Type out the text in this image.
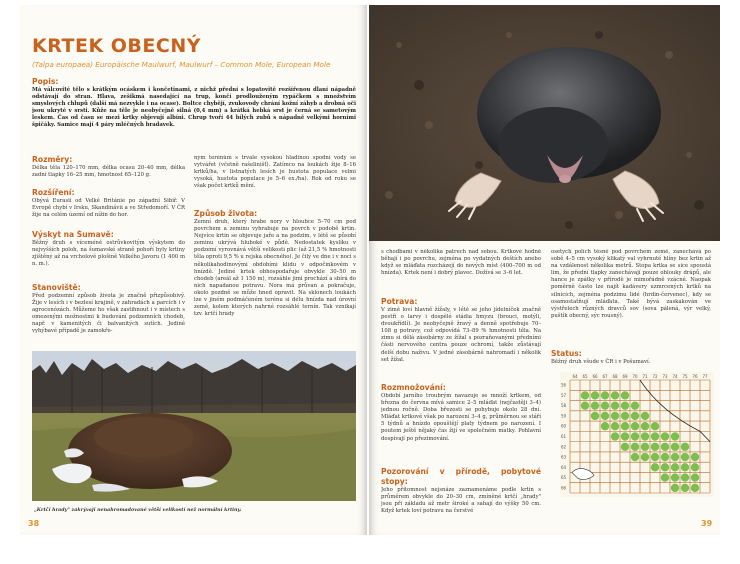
KRTEK OBECNÝ
(Talpa europaea) Europäische Maulwurf, Maulwurf – Common Mole, European Mole
Popis:
Má válcovité tělo s krátkým ocáskem i končetinami, z nichž přední s lopatovitě rozšířenou dlaní nápadně odstávají do stran. Hlava, zešikmá nasedající na trup, končí prodlouženým rypáčkem s množstvím smyslových chlupů (další má nezvykle i na ocase). Boltce chybějí, zvukovody chrání kožní záhyb a drobná oči jsou ukryté v srsti. Kůže na těle je neobyčejně silná (0,4 mm) a krátká hebká srst je černá se sametovým leskem. Čas od času se mezi krtky objevují albíni. Chrup tvoří 44 bílých zubů s nápadně velkými horními špičáky. Samice mají 4 páry mléčných bradavek.
Rozměry:
Délka těla 120–170 mm, délka ocasu 20–40 mm, délka zadní tlapky 16–25 mm, hmotnost 65–120 g.
Rozšíření:
Obývá Eurasii od Velké Británie po západní Sibiř. V Evropě chybí v Irsku, Skandinávii a ve Středomoří. V ČR žije na celém území od nížin do hor.
Výskyt na Šumavě:
Běžný druh s víceméně ostrůvkovitým výskytem do nejvyšších poloh, na šumavské straně pohoří byly krtiny zjištěny až na vrcholové plošině Velkého Javoru (1 400 m n. m.).
Stanoviště:
Před podzemní způsob života je značně přizpůsobivý. Žije v lesích i v bezlesí krajině, v zahradách a parcích i v agrocenózách. Můžeme ho však zastihnout i v místech s omezenými možnostmi k budování podzemních chodeb, např. v kamenitých či balvanitých sutích. Jediné vyhýbavé případě je zamokře-
ným terénům s trvale vysokou hladinou spodní vody se vytvářet (včetně rašelinišť). Zatímco na loukách žije 8–16 krtků/ha, v listnatých lesích je hustota populace velmi vysoká, hustota populace je 5–6 ex./ha). Rok od roku se však počet krtků mění.
Způsob života:
Zemní druh, který hrabe nory v hloubce 5–70 cm pod povrchem a zeminu vyhrabuje na povrch v podobě krtin. Nejvíce krtin se objevuje jaře a na podzim, v létě se působí zeminu ukrývá hluboké v půdě. Nedostatek kyslíku v podzemí vyrovnává větší velikosti plic (až 21,5 % hmotnosti těla oproti 9,5 % u rejska obecného). Je čilý ve dne i v noci s několikahodinovými obdobími klidu v odpočinkovém v hnízdě. Jediné krtek obhospodařuje obvykle 30–50 m chodeb (areál až 1 150 m), rozsáhle jimi prochází a sbírá do nich napadanou potravu. Nora má průvan a pokračuje, okolo pozdně se může hned opravit. Na sklonech loukách lze v jiném podmáčeném terénu si délu hnízda nad úrovní země, kolem kterých nahrné rozsáhlé ternín. Tak vznikají tzv. krtčí hrady
„Krtčí hrady" zakrývají nenahromadované větší velikostí než normální krtiny.
38
s chodbami v několika patrech nad sebou. Krtkové hodně běhají i po povrchu, zejména po vydatných deštích anebo když se mláďata rozcházejí do nových míst (400–700 m od hnízda). Krtek není i dobrý plavec. Dožívá se 3–6 let.
Potrava:
V zimě loví hlavně žížaly, v létě se jeho jídelníček značně pestří o larvy i dospělé stádia hmyzu (brouci, motýli, dvoukřídlí). Je neobyčejně žravý a denně spotřebuje 70–108 g potravy, což odpovídá 73–89 % hmotnosti těla. Na zimu si dělá zásobárny ze žížal s pozraňovanými předními části nervového centra pouze ochromí, takže zůstávají delší dobu naživu. V jedné zásobárně nahromadí i několik set žížal.
Rozmnožování:
Období jarního troubrým navazuje se množí krtkem, od března do června mívá samice 2–5 mláďat (nejčastěji 3–4) jednou ročně. Doba březosti se pohybuje okolo 28 dní. Mláďat krtkové však po narození 3–4 g, průměrnou se stáří 5 týdnů a hnízdo opouštějí platy týdnem po narození. I poutem ještě nějaký čas žijí ve společném matky. Pohlavní dospívají po přezimování.
Pozorování v přírodě, pobytové stopy:
Jeho přítomnost nejsnáze zaznamenáme podle krtin s průměrem obvykle do 20–30 cm, zmíněné krtčí „hrady" jsou při základu až metr široké a sahají do výšky 50 cm. Když krtek loví potravu na čerstvé
osetých polích těsně pod povrchem země, zanechává po sobě 4–5 cm vysoký klikatý val vyhrnuté hlíny bez krtin až na vzdálenost několika metrů. Stopa krtka se sice spoustá lim, že přední tlapky zanechávají pouze oblouky drápů, ale hance je zpátky v přírodě je mimořádně vzácné. Naopak poměrně často lze najít kadávery uzmrcených krtků na silnicích, zejména podzimu lidé (hrdin-červenec), kdy se osamostatňují mláďata. Také bývá zaskakován ve výstřelech různých dravců sov (sova pálená, výr velký, puštík obecný, sýc rousný).
Status:
Běžný druh všude v ČR i v Pošumaví.
39
64 65 66 67 68 69 70 71 72 73 74 75 76 77
56
57
58
59
60
61
62
63
64
65
66
